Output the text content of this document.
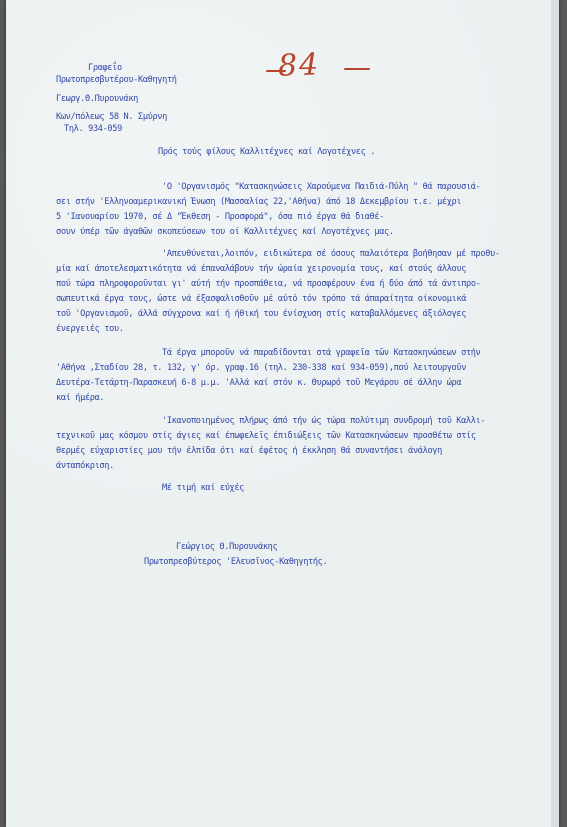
84
Γραφεΐο
Πρωτοπρεσβυτέρου-Καθηγητή
Γεωργ.Θ.Πυρουνάκη
Κων/πόλεως 58 Ν. Σμύρνη
Τηλ. 934-059
Πρός τούς φίλους Καλλιτέχνες καί Λογοτέχνες .
'Ο 'Οργανισμός "Κατασκηνώσεις Χαρούμενα Παιδιά-Πύλη " θά παρουσιά-
σει στήν 'Ελληνοαμερικανική Ένωση (Μασσαλίας 22,'Αθήνα) άπό 18 Δεκεμβρίου τ.ε. μέχρι
5 'Ιανουαρίου 1970, σέ Δ "Έκθεση - Προσφορά", όσα πιό έργα θά διαθέ-
σουν ύπέρ τῶν άγαθῶν σκοπεύσεων του οί Καλλιτέχνες καί Λογοτέχνες μας.
'Απευθύνεται,λοιπόν, ειδικώτερα σέ όσους παλαιότερα βοήθησαν μέ προθυ-
μία καί άποτελεσματικότητα νά έπαναλάβουν τήν ώραία χειρονομία τους, καί στούς άλλους
πού τώρα πληροφοροῦνται γι' αύτή τήν προσπάθεια, νά προσφέρουν ένα ή δύο άπό τά άντιπρο-
σωπευτικά έργα τους, ώστε νά έξασφαλισθοῦν μέ αύτό τόν τρόπο τά άπαραίτητα οίκονομικά
τοῦ 'Οργανισμοῦ, άλλά σύγχρονα καί ή ήθική του ένίσχυση στίς καταβαλλόμενες άξιόλογες
ένεργειές του.
Τά έργα μποροῦν νά παραδίδονται στά γραφεῖα τῶν Κατασκηνώσεων στήν
'Αθήνα ,Σταδίου 28, τ. 132, γ' όρ. γραφ.16 (τηλ. 230-338 καί 934-059),πού λειτουργοῦν
Δευτέρα-Τετάρτη-Παρασκευή 6-8 μ.μ. 'Αλλά καί στόν κ. Θυρωρό τοῦ Μεγάρου σέ άλλην ώρα
καί ήμέρα.
'Ικανοποιημένος πλήρως άπό τήν ώς τώρα πολύτιμη συνδρομή τοῦ Καλλι-
τεχνικοῦ μας κόσμου στίς άγιες καί έπωφελεῖς έπιδιώξεις τῶν Κατασκηνώσεων προσθέτω στίς
θερμές εύχαριστίες μου τήν έλπίδα ότι καί έφέτος ή έκκληση θά συναντήσει άνάλογη
άνταπόκριση.
Μέ τιμή καί εύχές
Γεώργιος Θ.Πυρουνάκης
Πρωτοπρεσβύτερος 'Ελευσῖνος-Καθηγητής.
